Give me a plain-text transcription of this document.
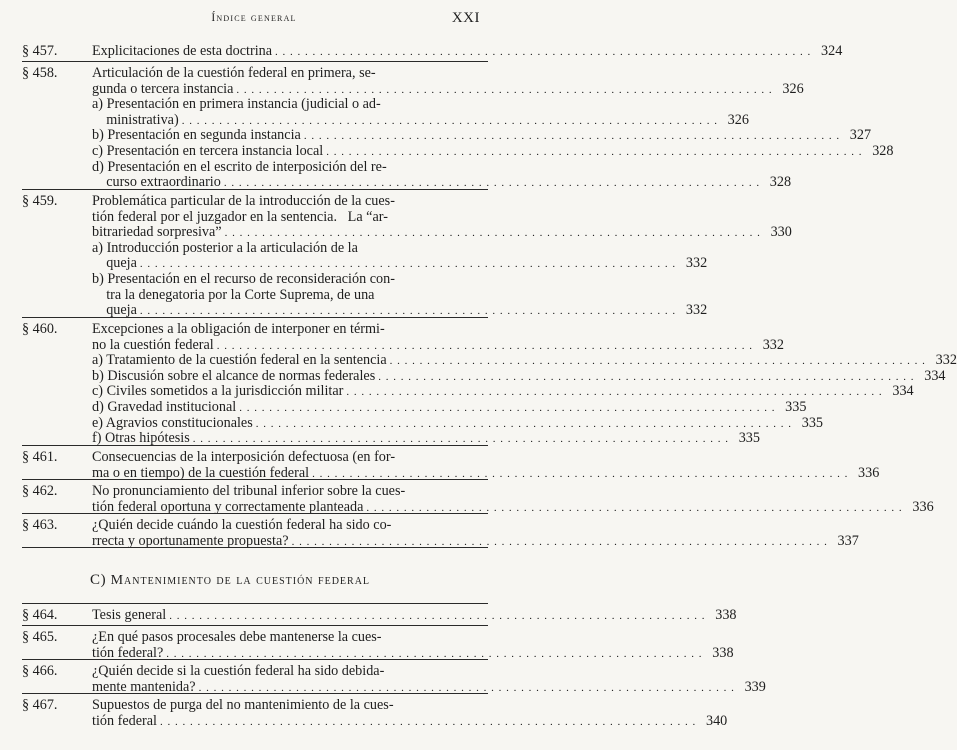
Índice general	XXI
§ 457.	Explicitaciones de esta doctrina . . . . . . . . . . . . . . . . . . . . . . . . . . . . . . . . . . . . . . . . . . . . . . . . . . . . . . . . . . . . . . . . . . . . . . . . 324
§ 458.	Articulación de la cuestión federal en primera, se-
gunda o tercera instancia . . . . . . . . . . . . . . . . . . . . . . . . . . . . . . . . . . . . . . . . . . . . . . . . . . . . . . . . . . . . . . . . . . . . . . . . 326
a) Presentación en primera instancia (judicial o ad-
ministrativa) . . . . . . . . . . . . . . . . . . . . . . . . . . . . . . . . . . . . . . . . . . . . . . . . . . . . . . . . . . . . . . . . . . . . . . . . 326
b) Presentación en segunda instancia . . . . . . . . . . . . . . . . . . . . . . . . . . . . . . . . . . . . . . . . . . . . . . . . . . . . . . . . . . . . . . . . . . . . . . . . 327
c) Presentación en tercera instancia local . . . . . . . . . . . . . . . . . . . . . . . . . . . . . . . . . . . . . . . . . . . . . . . . . . . . . . . . . . . . . . . . . . . . . . . . 328
d) Presentación en el escrito de interposición del re-
curso extraordinario . . . . . . . . . . . . . . . . . . . . . . . . . . . . . . . . . . . . . . . . . . . . . . . . . . . . . . . . . . . . . . . . . . . . . . . . 328
§ 459.	Problemática particular de la introducción de la cues-
tión federal por el juzgador en la sentencia.   La “ar-
bitrariedad sorpresiva” . . . . . . . . . . . . . . . . . . . . . . . . . . . . . . . . . . . . . . . . . . . . . . . . . . . . . . . . . . . . . . . . . . . . . . . . 330
a) Introducción posterior a la articulación de la
queja . . . . . . . . . . . . . . . . . . . . . . . . . . . . . . . . . . . . . . . . . . . . . . . . . . . . . . . . . . . . . . . . . . . . . . . . 332
b) Presentación en el recurso de reconsideración con-
tra la denegatoria por la Corte Suprema, de una
queja . . . . . . . . . . . . . . . . . . . . . . . . . . . . . . . . . . . . . . . . . . . . . . . . . . . . . . . . . . . . . . . . . . . . . . . . 332
§ 460.	Excepciones a la obligación de interponer en térmi-
no la cuestión federal . . . . . . . . . . . . . . . . . . . . . . . . . . . . . . . . . . . . . . . . . . . . . . . . . . . . . . . . . . . . . . . . . . . . . . . . 332
a) Tratamiento de la cuestión federal en la sentencia . . . . . . . . . . . . . . . . . . . . . . . . . . . . . . . . . . . . . . . . . . . . . . . . . . . . . . . . . . . . . . . . . . . . . . . . 332
b) Discusión sobre el alcance de normas federales . . . . . . . . . . . . . . . . . . . . . . . . . . . . . . . . . . . . . . . . . . . . . . . . . . . . . . . . . . . . . . . . . . . . . . . . 334
c) Civiles sometidos a la jurisdicción militar . . . . . . . . . . . . . . . . . . . . . . . . . . . . . . . . . . . . . . . . . . . . . . . . . . . . . . . . . . . . . . . . . . . . . . . . 334
d) Gravedad institucional . . . . . . . . . . . . . . . . . . . . . . . . . . . . . . . . . . . . . . . . . . . . . . . . . . . . . . . . . . . . . . . . . . . . . . . . 335
e) Agravios constitucionales . . . . . . . . . . . . . . . . . . . . . . . . . . . . . . . . . . . . . . . . . . . . . . . . . . . . . . . . . . . . . . . . . . . . . . . . 335
f) Otras hipótesis . . . . . . . . . . . . . . . . . . . . . . . . . . . . . . . . . . . . . . . . . . . . . . . . . . . . . . . . . . . . . . . . . . . . . . . . 335
§ 461.	Consecuencias de la interposición defectuosa (en for-
ma o en tiempo) de la cuestión federal . . . . . . . . . . . . . . . . . . . . . . . . . . . . . . . . . . . . . . . . . . . . . . . . . . . . . . . . . . . . . . . . . . . . . . . . 336
§ 462.	No pronunciamiento del tribunal inferior sobre la cues-
tión federal oportuna y correctamente planteada . . . . . . . . . . . . . . . . . . . . . . . . . . . . . . . . . . . . . . . . . . . . . . . . . . . . . . . . . . . . . . . . . . . . . . . . 336
§ 463.	¿Quién decide cuándo la cuestión federal ha sido co-
rrecta y oportunamente propuesta? . . . . . . . . . . . . . . . . . . . . . . . . . . . . . . . . . . . . . . . . . . . . . . . . . . . . . . . . . . . . . . . . . . . . . . . . 337
§ 464.	Tesis general . . . . . . . . . . . . . . . . . . . . . . . . . . . . . . . . . . . . . . . . . . . . . . . . . . . . . . . . . . . . . . . . . . . . . . . . 338
§ 465.	¿En qué pasos procesales debe mantenerse la cues-
tión federal? . . . . . . . . . . . . . . . . . . . . . . . . . . . . . . . . . . . . . . . . . . . . . . . . . . . . . . . . . . . . . . . . . . . . . . . . 338
§ 466.	¿Quién decide si la cuestión federal ha sido debida-
mente mantenida? . . . . . . . . . . . . . . . . . . . . . . . . . . . . . . . . . . . . . . . . . . . . . . . . . . . . . . . . . . . . . . . . . . . . . . . . 339
§ 467.	Supuestos de purga del no mantenimiento de la cues-
tión federal . . . . . . . . . . . . . . . . . . . . . . . . . . . . . . . . . . . . . . . . . . . . . . . . . . . . . . . . . . . . . . . . . . . . . . . . 340
C) Mantenimiento de la cuestión federal
